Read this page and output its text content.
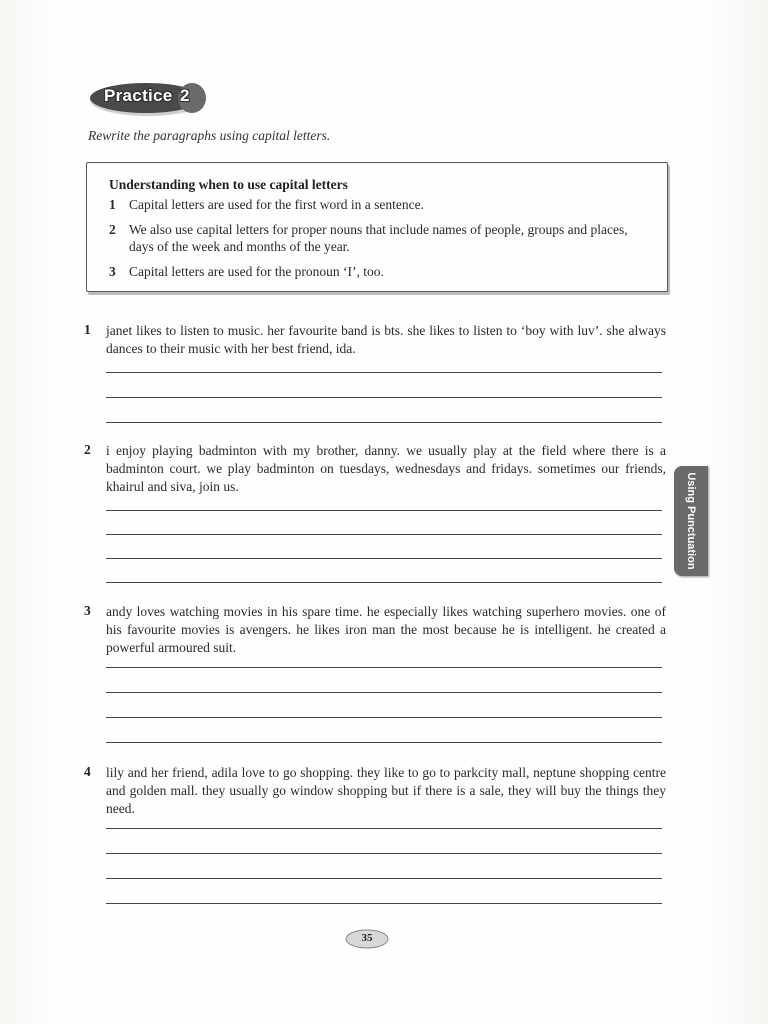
Practice 2
Rewrite the paragraphs using capital letters.
Understanding when to use capital letters
1 Capital letters are used for the first word in a sentence.
2 We also use capital letters for proper nouns that include names of people, groups and places, days of the week and months of the year.
3 Capital letters are used for the pronoun ‘I’, too.
1 janet likes to listen to music. her favourite band is bts. she likes to listen to ‘boy with luv’. she always dances to their music with her best friend, ida.
2 i enjoy playing badminton with my brother, danny. we usually play at the field where there is a badminton court. we play badminton on tuesdays, wednesdays and fridays. sometimes our friends, khairul and siva, join us.
3 andy loves watching movies in his spare time. he especially likes watching superhero movies. one of his favourite movies is avengers. he likes iron man the most because he is intelligent. he created a powerful armoured suit.
4 lily and her friend, adila love to go shopping. they like to go to parkcity mall, neptune shopping centre and golden mall. they usually go window shopping but if there is a sale, they will buy the things they need.
Using Punctuation
35
